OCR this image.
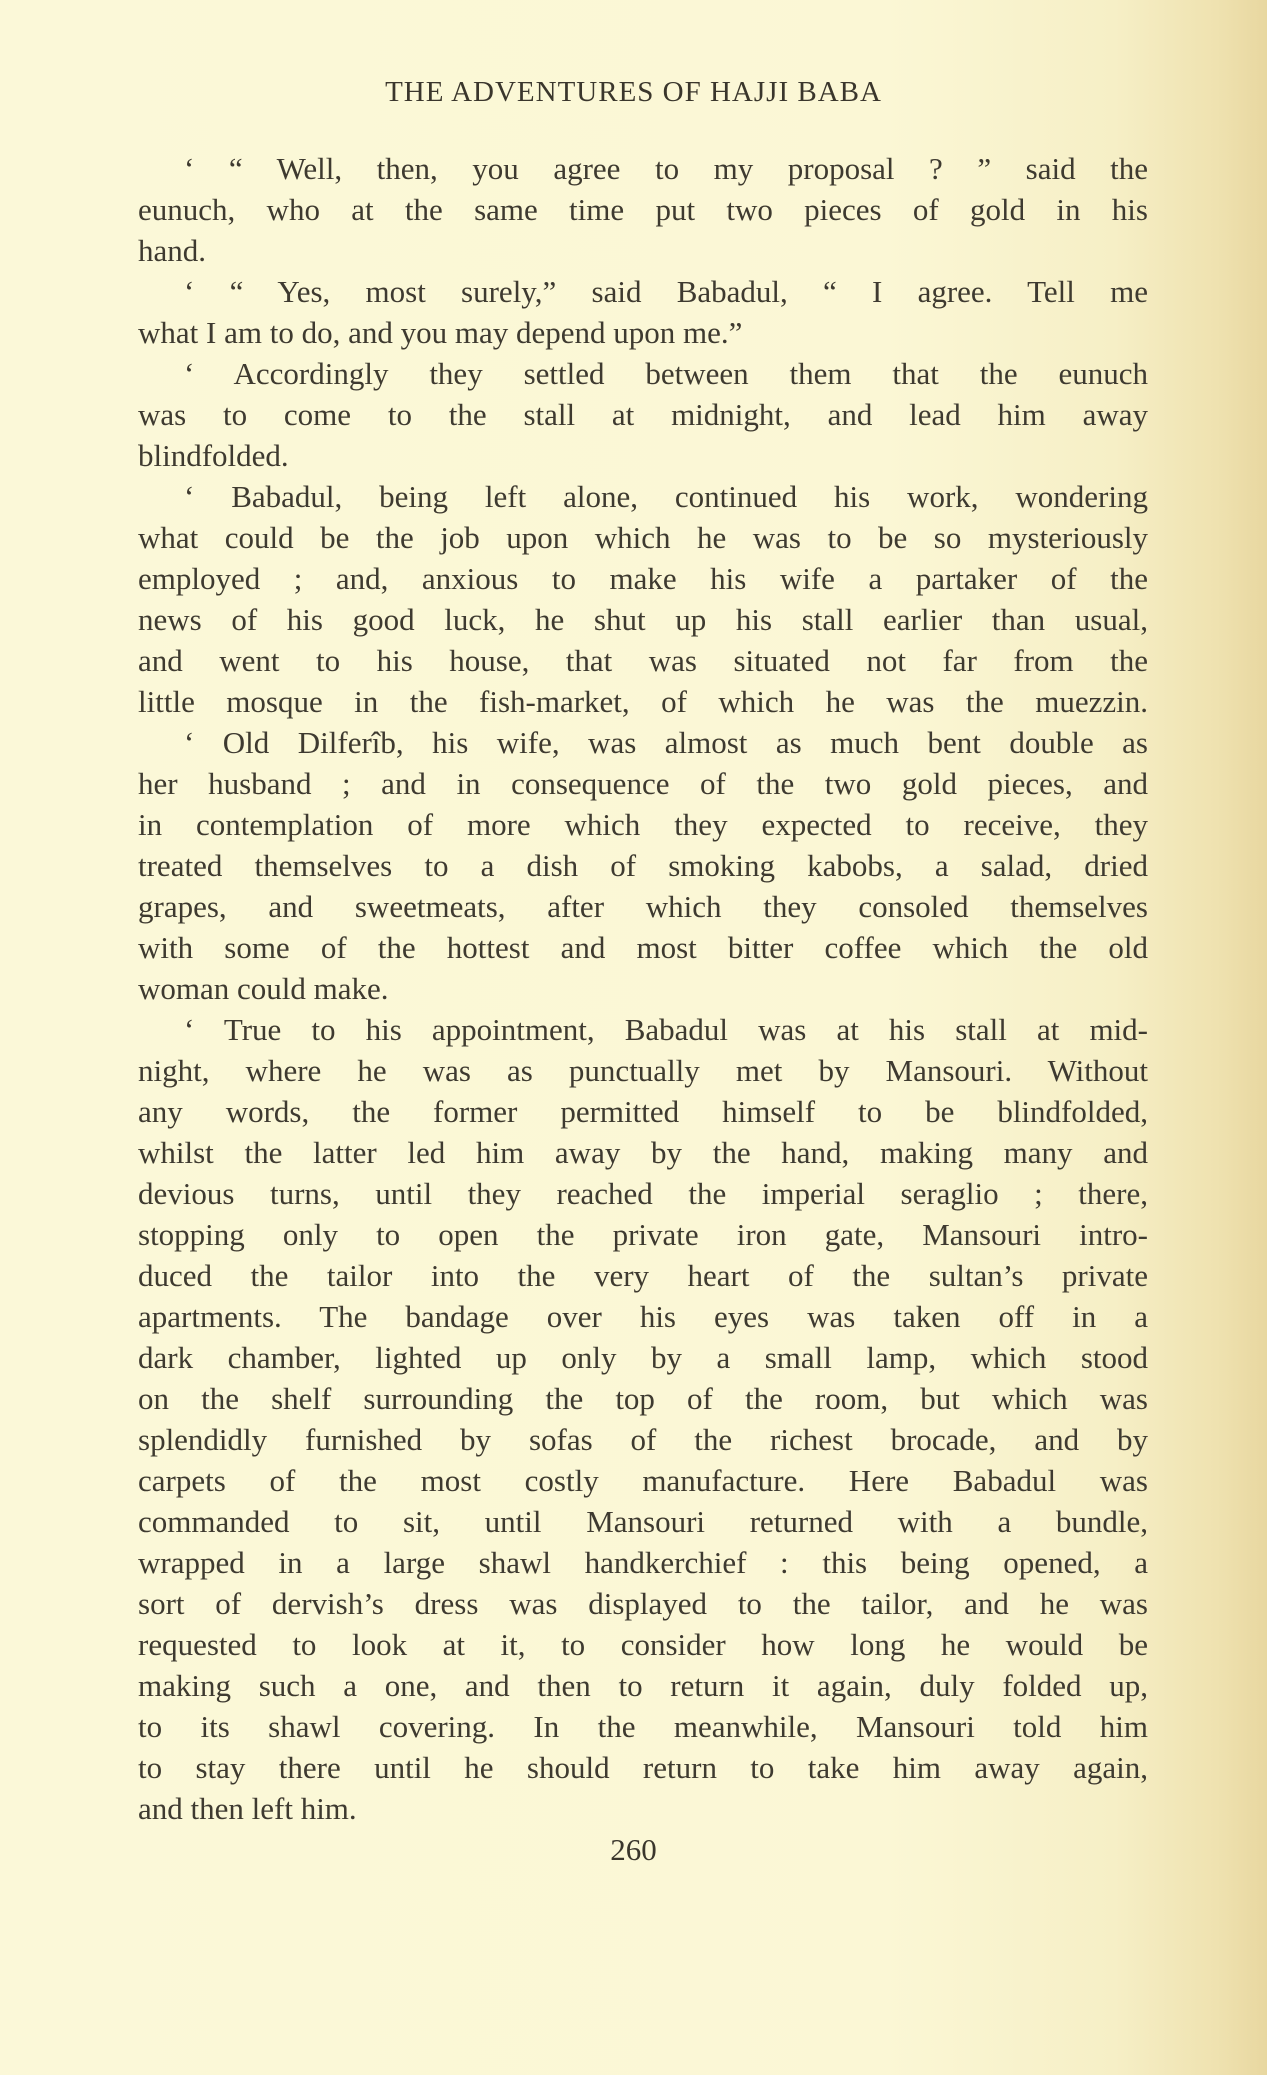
THE ADVENTURES OF HAJJI BABA
‘ “ Well, then, you agree to my proposal ? ” said the
eunuch, who at the same time put two pieces of gold in his
hand.
‘ “ Yes, most surely,” said Babadul, “ I agree. Tell me
what I am to do, and you may depend upon me.”
‘ Accordingly they settled between them that the eunuch
was to come to the stall at midnight, and lead him away
blindfolded.
‘ Babadul, being left alone, continued his work, wondering
what could be the job upon which he was to be so mysteriously
employed ; and, anxious to make his wife a partaker of the
news of his good luck, he shut up his stall earlier than usual,
and went to his house, that was situated not far from the
little mosque in the fish-market, of which he was the muezzin.
‘ Old Dilferîb, his wife, was almost as much bent double as
her husband ; and in consequence of the two gold pieces, and
in contemplation of more which they expected to receive, they
treated themselves to a dish of smoking kabobs, a salad, dried
grapes, and sweetmeats, after which they consoled themselves
with some of the hottest and most bitter coffee which the old
woman could make.
‘ True to his appointment, Babadul was at his stall at mid-
night, where he was as punctually met by Mansouri. Without
any words, the former permitted himself to be blindfolded,
whilst the latter led him away by the hand, making many and
devious turns, until they reached the imperial seraglio ; there,
stopping only to open the private iron gate, Mansouri intro-
duced the tailor into the very heart of the sultan’s private
apartments. The bandage over his eyes was taken off in a
dark chamber, lighted up only by a small lamp, which stood
on the shelf surrounding the top of the room, but which was
splendidly furnished by sofas of the richest brocade, and by
carpets of the most costly manufacture. Here Babadul was
commanded to sit, until Mansouri returned with a bundle,
wrapped in a large shawl handkerchief : this being opened, a
sort of dervish’s dress was displayed to the tailor, and he was
requested to look at it, to consider how long he would be
making such a one, and then to return it again, duly folded up,
to its shawl covering. In the meanwhile, Mansouri told him
to stay there until he should return to take him away again,
and then left him.
260
